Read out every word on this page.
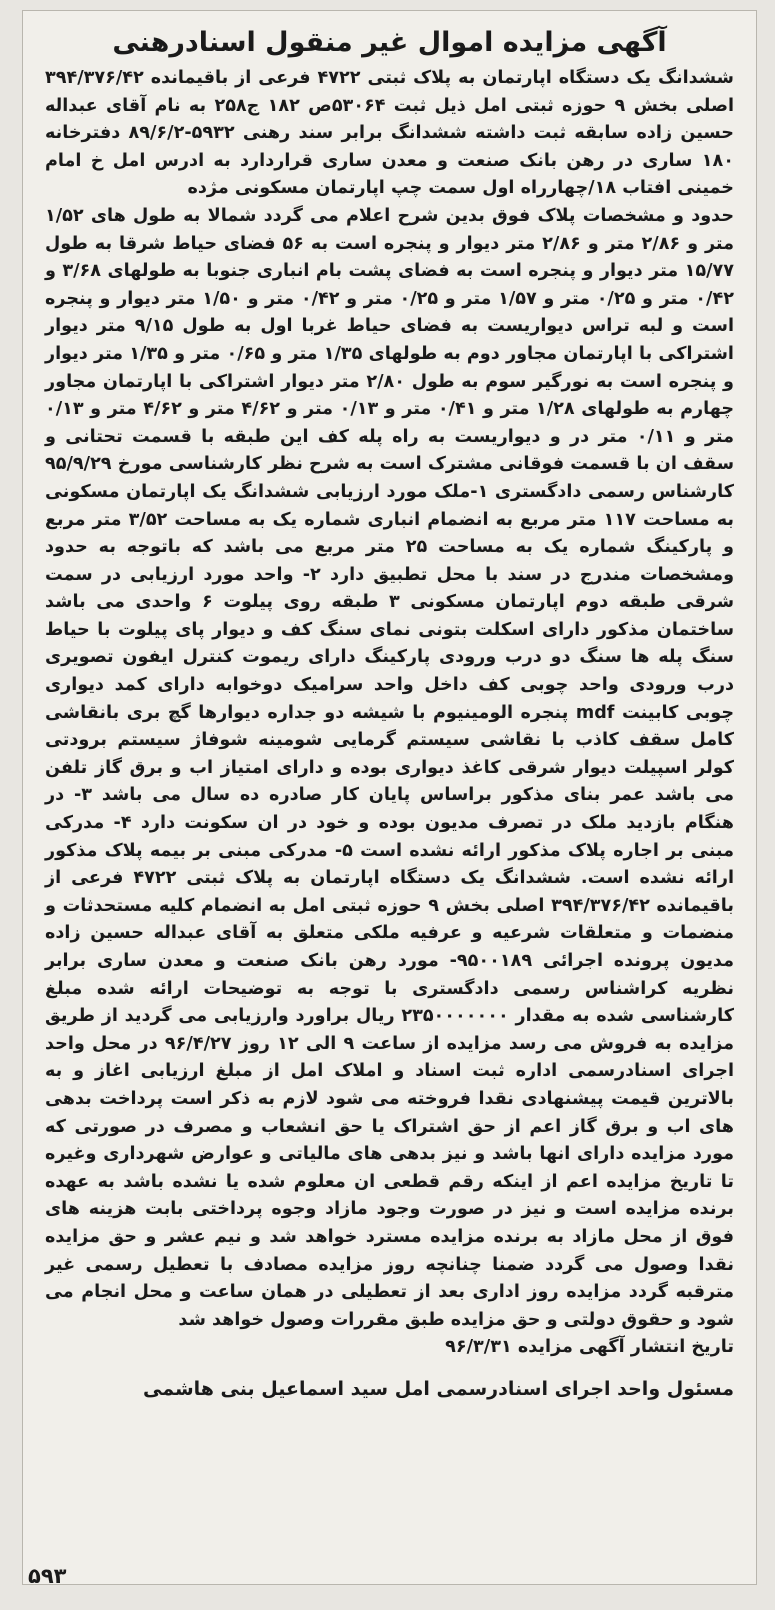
آگهی مزایده اموال غیر منقول اسنادرهنی

ششدانگ یک دستگاه اپارتمان به پلاک ثبتی ۴۷۲۲ فرعی از باقیمانده ۳۹۴/۳۷۶/۴۲ اصلی بخش ۹ حوزه ثبتی امل ذیل ثبت ۵۳۰۶۴ص ۱۸۲ ج۲۵۸ به نام آقای عبداله حسین زاده سابقه ثبت داشته ششدانگ برابر سند رهنی ۵۹۳۲-۸۹/۶/۲ دفترخانه ۱۸۰ ساری در رهن بانک صنعت و معدن ساری قراردارد به ادرس امل خ امام خمینی افتاب ۱۸/چهارراه اول سمت چپ اپارتمان مسکونی مژده

حدود و مشخصات پلاک فوق بدین شرح اعلام می گردد شمالا به طول های ۱/۵۲ متر و ۲/۸۶ متر و ۲/۸۶ متر دیوار و پنجره است به ۵۶ فضای حیاط شرقا به طول ۱۵/۷۷ متر دیوار و پنجره است به فضای پشت بام انباری جنوبا به طولهای ۳/۶۸ و ۰/۴۲ متر و ۰/۲۵ متر و ۱/۵۷ متر و ۰/۲۵ متر و ۰/۴۲ متر و ۱/۵۰ متر دیوار و پنجره است و لبه تراس دیواریست به فضای حیاط غربا اول به طول ۹/۱۵ متر دیوار اشتراکی با اپارتمان مجاور دوم به طولهای ۱/۳۵ متر و ۰/۶۵ متر و ۱/۳۵ متر دیوار و پنجره است به نورگیر سوم به طول ۲/۸۰ متر دیوار اشتراکی با اپارتمان مجاور چهارم به طولهای ۱/۲۸ متر و ۰/۴۱ متر و ۰/۱۳ متر و ۴/۶۲ متر و ۴/۶۲ متر و ۰/۱۳ متر و ۰/۱۱ متر در و دیواریست به راه پله کف این طبقه با قسمت تحتانی و سقف ان با قسمت فوقانی مشترک است به شرح نظر کارشناسی مورخ ۹۵/۹/۲۹ کارشناس رسمی دادگستری ۱-ملک مورد ارزیابی ششدانگ یک اپارتمان مسکونی به مساحت ۱۱۷ متر مربع به انضمام انباری شماره یک به مساحت ۳/۵۲ متر مربع و پارکینگ شماره یک به مساحت ۲۵ متر مربع می باشد که باتوجه به حدود ومشخصات مندرج در سند با محل تطبیق دارد ۲- واحد مورد ارزیابی در سمت شرقی طبقه دوم اپارتمان مسکونی ۳ طبقه روی پیلوت ۶ واحدی می باشد ساختمان مذکور دارای اسکلت بتونی نمای سنگ کف و دیوار پای پیلوت با حیاط سنگ پله ها سنگ دو درب ورودی پارکینگ دارای ریموت کنترل ایفون تصویری درب ورودی واحد چوبی کف داخل واحد سرامیک دوخوابه دارای کمد دیواری چوبی کابینت mdf پنجره الومینیوم با شیشه دو جداره دیوارها گچ بری بانقاشی کامل سقف کاذب با نقاشی سیستم گرمایی شومینه شوفاژ سیستم برودتی کولر اسپیلت دیوار شرقی کاغذ دیواری بوده و دارای امتیاز اب و برق گاز تلفن می باشد عمر بنای مذکور براساس پایان کار صادره ده سال می باشد ۳- در هنگام بازدید ملک در تصرف مدیون بوده و خود در ان سکونت دارد ۴- مدرکی مبنی بر اجاره پلاک مذکور ارائه نشده است ۵- مدرکی مبنی بر بیمه پلاک مذکور ارائه نشده است. ششدانگ یک دستگاه اپارتمان به پلاک ثبتی ۴۷۲۲ فرعی از باقیمانده ۳۹۴/۳۷۶/۴۲ اصلی بخش ۹ حوزه ثبتی امل به انضمام کلیه مستحدثات و منضمات و متعلقات شرعیه و عرفیه ملکی متعلق به آقای عبداله حسین زاده مدیون پرونده اجرائی ۹۵۰۰۱۸۹- مورد رهن بانک صنعت و معدن ساری برابر نظریه کراشناس رسمی دادگستری با توجه به توضیحات ارائه شده مبلغ کارشناسی شده به مقدار ۲۳۵۰۰۰۰۰۰۰ ریال براورد وارزیابی می گردید از طریق مزایده به فروش می رسد مزایده از ساعت ۹ الی ۱۲ روز ۹۶/۴/۲۷ در محل واحد اجرای اسنادرسمی اداره ثبت اسناد و املاک امل از مبلغ ارزیابی اغاز و به بالاترین قیمت پیشنهادی نقدا فروخته می شود لازم به ذکر است پرداخت بدهی های اب و برق گاز اعم از حق اشتراک یا حق انشعاب و مصرف در صورتی که مورد مزایده دارای انها باشد و نیز بدهی های مالیاتی و عوارض شهرداری وغیره تا تاریخ مزایده اعم از اینکه رقم قطعی ان معلوم شده یا نشده باشد به عهده برنده مزایده است و نیز در صورت وجود مازاد وجوه پرداختی بابت هزینه های فوق از محل مازاد به برنده مزایده مسترد خواهد شد و نیم عشر و حق مزایده نقدا وصول می گردد ضمنا چنانچه روز مزایده مصادف با تعطیل رسمی غیر مترقبه گردد مزایده روز اداری بعد از تعطیلی در همان ساعت و محل انجام می شود و حقوق دولتی و حق مزایده طبق مقررات وصول خواهد شد

تاریخ انتشار آگهی مزایده ۹۶/۳/۳۱

مسئول واحد اجرای اسنادرسمی امل سید اسماعیل بنی هاشمی
۵۹۳
